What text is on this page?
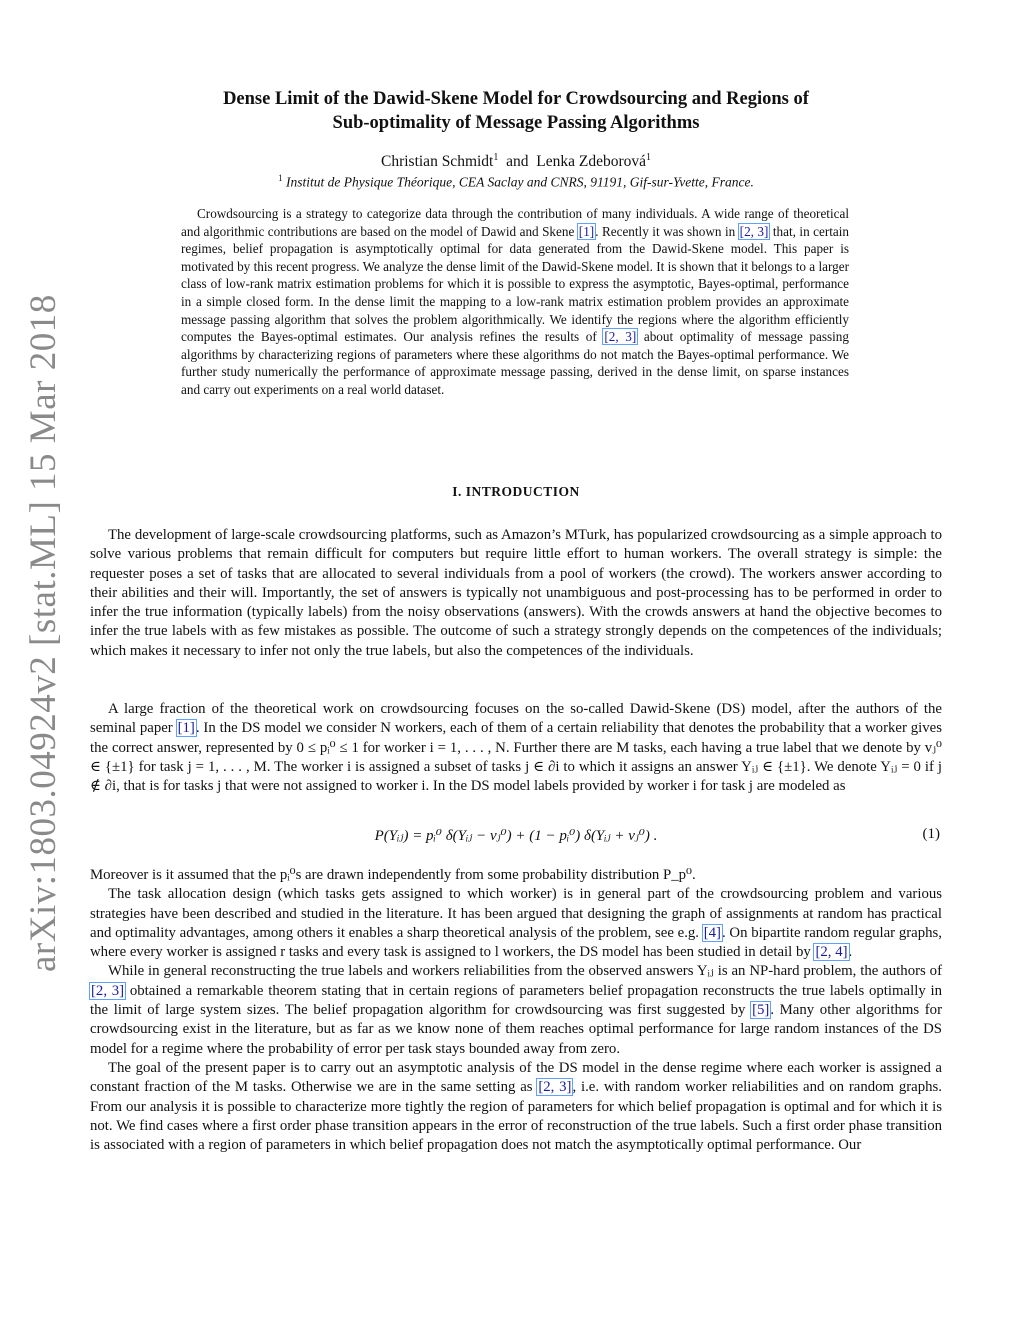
arXiv:1803.04924v2 [stat.ML] 15 Mar 2018
Dense Limit of the Dawid-Skene Model for Crowdsourcing and Regions of
Sub-optimality of Message Passing Algorithms
Christian Schmidt$^1$ and Lenka Zdeborová$^1$
$^1$ Institut de Physique Théorique, CEA Saclay and CNRS, 91191, Gif-sur-Yvette, France.
Crowdsourcing is a strategy to categorize data through the contribution of many individuals. A wide range of theoretical and algorithmic contributions are based on the model of Dawid and Skene [1]. Recently it was shown in [2, 3] that, in certain regimes, belief propagation is asymptotically optimal for data generated from the Dawid-Skene model. This paper is motivated by this recent progress. We analyze the dense limit of the Dawid-Skene model. It is shown that it belongs to a larger class of low-rank matrix estimation problems for which it is possible to express the asymptotic, Bayes-optimal, performance in a simple closed form. In the dense limit the mapping to a low-rank matrix estimation problem provides an approximate message passing algorithm that solves the problem algorithmically. We identify the regions where the algorithm efficiently computes the Bayes-optimal estimates. Our analysis refines the results of [2, 3] about optimality of message passing algorithms by characterizing regions of parameters where these algorithms do not match the Bayes-optimal performance. We further study numerically the performance of approximate message passing, derived in the dense limit, on sparse instances and carry out experiments on a real world dataset.
I. INTRODUCTION

The development of large-scale crowdsourcing platforms, such as Amazon’s MTurk, has popularized crowdsourcing as a simple approach to solve various problems that remain difficult for computers but require little effort to human workers. The overall strategy is simple: the requester poses a set of tasks that are allocated to several individuals from a pool of workers (the crowd). The workers answer according to their abilities and their will. Importantly, the set of answers is typically not unambiguous and post-processing has to be performed in order to infer the true information (typically labels) from the noisy observations (answers). With the crowds answers at hand the objective becomes to infer the true labels with as few mistakes as possible. The outcome of such a strategy strongly depends on the competences of the individuals; which makes it necessary to infer not only the true labels, but also the competences of the individuals.

A large fraction of the theoretical work on crowdsourcing focuses on the so-called Dawid-Skene (DS) model, after the authors of the seminal paper [1]. In the DS model we consider N workers, each of them of a certain reliability that denotes the probability that a worker gives the correct answer, represented by 0 ≤ pᵢ⁰ ≤ 1 for worker i = 1, . . . , N. Further there are M tasks, each having a true label that we denote by vⱼ⁰ ∈ {±1} for task j = 1, . . . , M. The worker i is assigned a subset of tasks j ∈ ∂i to which it assigns an answer Yᵢⱼ ∈ {±1}. We denote Yᵢⱼ = 0 if j ∉ ∂i, that is for tasks j that were not assigned to worker i. In the DS model labels provided by worker i for task j are modeled as

P(Yᵢⱼ) = pᵢ⁰ δ(Yᵢⱼ − vⱼ⁰) + (1 − pᵢ⁰) δ(Yᵢⱼ + vⱼ⁰) .	(1)

Moreover is it assumed that the pᵢ⁰s are drawn independently from some probability distribution P_p⁰.

The task allocation design (which tasks gets assigned to which worker) is in general part of the crowdsourcing problem and various strategies have been described and studied in the literature. It has been argued that designing the graph of assignments at random has practical and optimality advantages, among others it enables a sharp theoretical analysis of the problem, see e.g. [4]. On bipartite random regular graphs, where every worker is assigned r tasks and every task is assigned to l workers, the DS model has been studied in detail by [2, 4].

While in general reconstructing the true labels and workers reliabilities from the observed answers Yᵢⱼ is an NP-hard problem, the authors of [2, 3] obtained a remarkable theorem stating that in certain regions of parameters belief propagation reconstructs the true labels optimally in the limit of large system sizes. The belief propagation algorithm for crowdsourcing was first suggested by [5]. Many other algorithms for crowdsourcing exist in the literature, but as far as we know none of them reaches optimal performance for large random instances of the DS model for a regime where the probability of error per task stays bounded away from zero.

The goal of the present paper is to carry out an asymptotic analysis of the DS model in the dense regime where each worker is assigned a constant fraction of the M tasks. Otherwise we are in the same setting as [2, 3], i.e. with random worker reliabilities and on random graphs. From our analysis it is possible to characterize more tightly the region of parameters for which belief propagation is optimal and for which it is not. We find cases where a first order phase transition appears in the error of reconstruction of the true labels. Such a first order phase transition is associated with a region of parameters in which belief propagation does not match the asymptotically optimal performance. Our
